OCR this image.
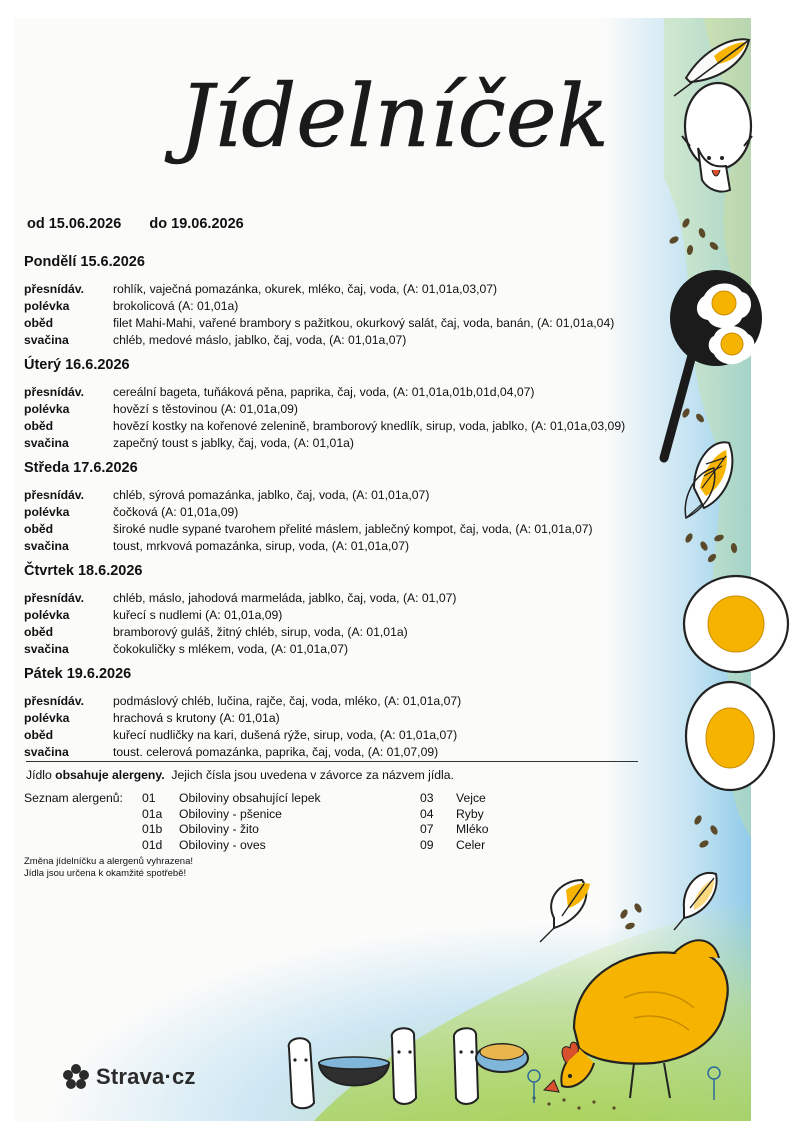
Jídelníček
od 15.06.2026 do 19.06.2026
Pondělí 15.6.2026
přesnídáv. rohlík, vaječná pomazánka, okurek, mléko, čaj, voda, (A: 01,01a,03,07)
polévka	brokolicová (A: 01,01a)
oběd	filet Mahi-Mahi, vařené brambory s pažitkou, okurkový salát, čaj, voda, banán, (A: 01,01a,04)
svačina	chléb, medové máslo, jablko, čaj, voda, (A: 01,01a,07)
Úterý 16.6.2026
přesnídáv. cereální bageta, tuňáková pěna, paprika, čaj, voda, (A: 01,01a,01b,01d,04,07)
polévka	hovězí s těstovinou (A: 01,01a,09)
oběd	hovězí kostky na kořenové zelenině, bramborový knedlík, sirup, voda, jablko, (A: 01,01a,03,09)
svačina	zapečný toust s jablky, čaj, voda, (A: 01,01a)
Středa 17.6.2026
přesnídáv. chléb, sýrová pomazánka, jablko, čaj, voda, (A: 01,01a,07)
polévka	čočková (A: 01,01a,09)
oběd	široké nudle sypané tvarohem přelité máslem, jablečný kompot, čaj, voda, (A: 01,01a,07)
svačina	toust, mrkvová pomazánka, sirup, voda, (A: 01,01a,07)
Čtvrtek 18.6.2026
přesnídáv. chléb, máslo, jahodová marmeláda, jablko, čaj, voda, (A: 01,07)
polévka	kuřecí s nudlemi (A: 01,01a,09)
oběd	bramborový guláš, žitný chléb, sirup, voda, (A: 01,01a)
svačina	čokokuličky s mlékem, voda, (A: 01,01a,07)
Pátek 19.6.2026
přesnídáv. podmáslový chléb, lučina, rajče, čaj, voda, mléko, (A: 01,01a,07)
polévka	hrachová s krutony (A: 01,01a)
oběd	kuřecí nudličky na kari, dušená rýže, sirup, voda, (A: 01,01a,07)
svačina	toust. celerová pomazánka, paprika, čaj, voda, (A: 01,07,09)
Jídlo obsahuje alergeny.  Jejich čísla jsou uvedena v závorce za názvem jídla.
Seznam alergenů: 01 Obiloviny obsahující lepek	03 Vejce
01a Obiloviny - pšenice	04 Ryby
01b Obiloviny - žito	07 Mléko
01d Obiloviny - oves	09 Celer
Změna jídelníčku a alergenů vyhrazena!
Jídla jsou určena k okamžité spotřebě!
Strava·cz
